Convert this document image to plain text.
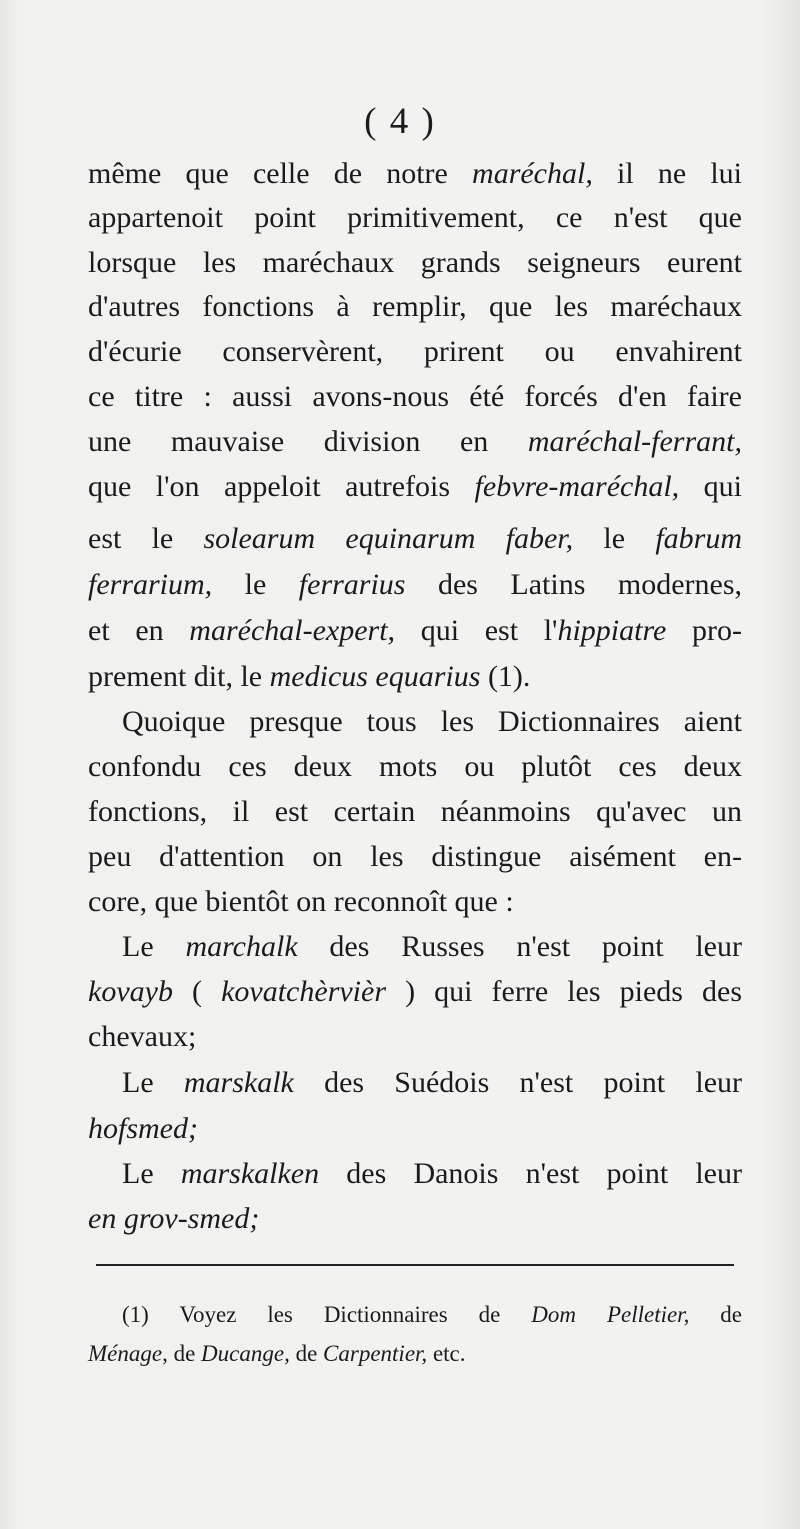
( 4 )
même que celle de notre maréchal, il ne lui
appartenoit point primitivement, ce n'est que
lorsque les maréchaux grands seigneurs eurent
d'autres fonctions à remplir, que les maréchaux
d'écurie conservèrent, prirent ou envahirent
ce titre : aussi avons-nous été forcés d'en faire
une mauvaise division en maréchal-ferrant,
que l'on appeloit autrefois febvre-maréchal, qui
est le solearum equinarum faber, le fabrum
ferrarium, le ferrarius des Latins modernes,
et en maréchal-expert, qui est l'hippiatre pro-
prement dit, le medicus equarius (1).
Quoique presque tous les Dictionnaires aient
confondu ces deux mots ou plutôt ces deux
fonctions, il est certain néanmoins qu'avec un
peu d'attention on les distingue aisément en-
core, que bientôt on reconnoît que :
Le marchalk des Russes n'est point leur
kovayb ( kovatchèrvièr ) qui ferre les pieds des
chevaux;
Le marskalk des Suédois n'est point leur
hofsmed;
Le marskalken des Danois n'est point leur
en grov-smed;
(1) Voyez les Dictionnaires de Dom Pelletier, de
Ménage, de Ducange, de Carpentier, etc.
